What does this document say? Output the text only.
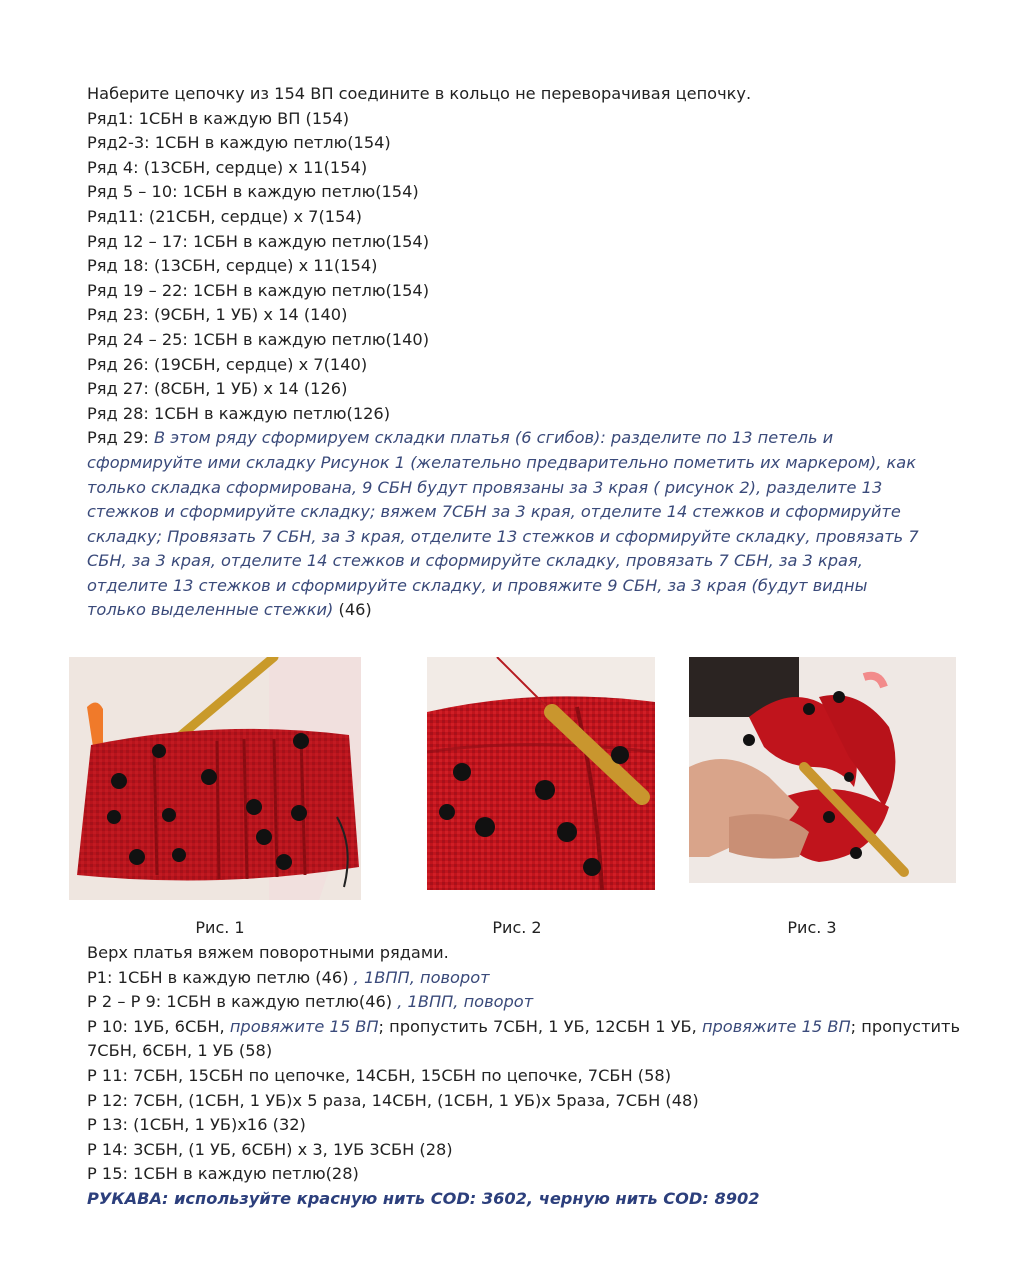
Наберите цепочку из 154 ВП соедините в кольцо не переворачивая цепочку.
Ряд1: 1СБН в каждую ВП (154)
Ряд2-3: 1СБН в каждую петлю(154)
Ряд 4: (13СБН, сердце) х 11(154)
Ряд 5 – 10: 1СБН в каждую петлю(154)
Ряд11: (21СБН, сердце) х 7(154)
Ряд 12 – 17: 1СБН в каждую петлю(154)
Ряд 18: (13СБН, сердце) х 11(154)
Ряд 19 – 22: 1СБН в каждую петлю(154)
Ряд 23: (9СБН, 1 УБ) х 14 (140)
Ряд 24 – 25: 1СБН в каждую петлю(140)
Ряд 26: (19СБН, сердце) х 7(140)
Ряд 27: (8СБН, 1 УБ) х 14 (126)
Ряд 28: 1СБН в каждую петлю(126)
Ряд 29: В этом ряду сформируем складки платья (6 сгибов): разделите по 13 петель и
сформируйте ими складку Рисунок 1 (желательно предварительно пометить их маркером), как
только складка сформирована, 9 СБН будут провязаны за 3 края ( рисунок 2), разделите 13
стежков и сформируйте складку; вяжем 7СБН за 3 края, отделите 14 стежков и сформируйте
складку; Провязать 7 СБН, за 3 края, отделите 13 стежков и сформируйте складку, провязать 7
СБН, за 3 края, отделите 14 стежков и сформируйте складку, провязать 7 СБН, за 3 края,
отделите 13 стежков и сформируйте складку, и провяжите 9 СБН, за 3 края (будут видны
только выделенные стежки) (46)
Рис. 1	Рис. 2	Рис. 3
Верх платья вяжем поворотными рядами.
Р1: 1СБН в каждую петлю (46) , 1ВПП, поворот
Р 2 – Р 9: 1СБН в каждую петлю(46) , 1ВПП, поворот
Р 10: 1УБ, 6СБН, провяжите 15 ВП; пропустить 7СБН, 1 УБ, 12СБН 1 УБ, провяжите 15 ВП; пропустить
7СБН, 6СБН, 1 УБ (58)
Р 11: 7СБН, 15СБН по цепочке, 14СБН, 15СБН по цепочке, 7СБН (58)
Р 12: 7СБН, (1СБН, 1 УБ)х 5 раза, 14СБН, (1СБН, 1 УБ)х 5раза, 7СБН (48)
Р 13: (1СБН, 1 УБ)х16 (32)
Р 14: 3СБН, (1 УБ, 6СБН) х 3, 1УБ 3СБН (28)
Р 15: 1СБН в каждую петлю(28)
РУКАВА: используйте красную нить COD: 3602, черную нить COD: 8902
